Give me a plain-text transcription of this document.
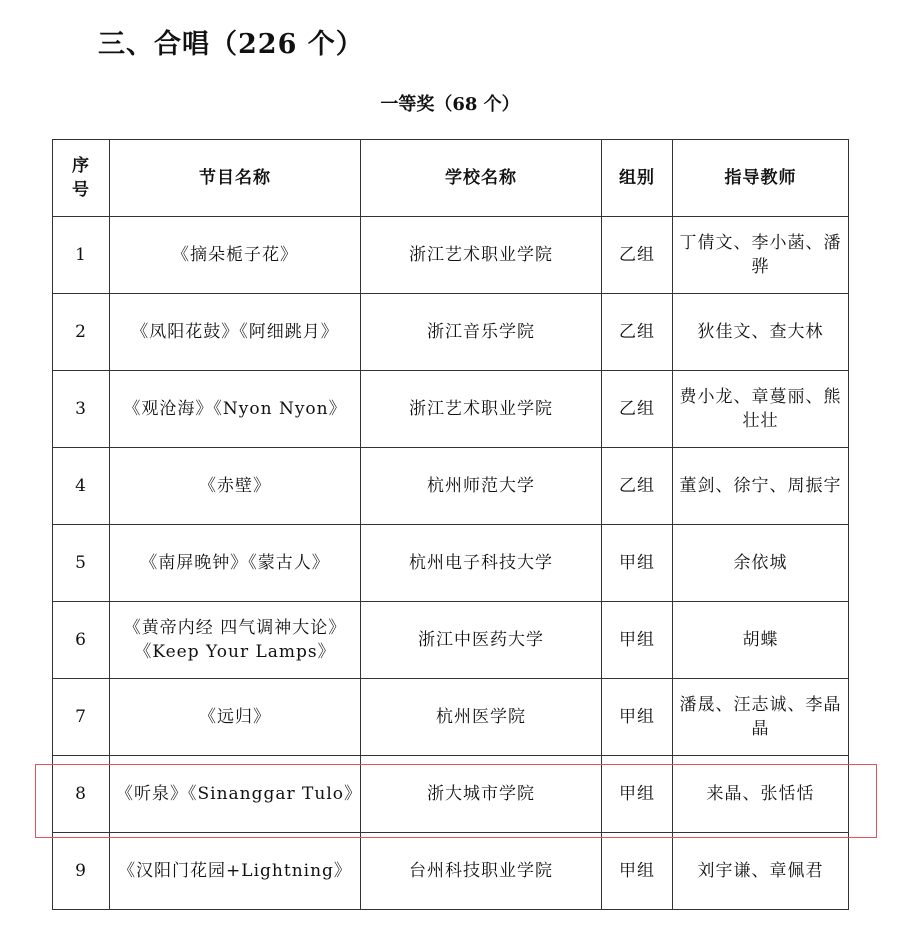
三、合唱（226 个）
一等奖（68 个）
序号	节目名称	学校名称	组别	指导教师
1	《摘朵栀子花》	浙江艺术职业学院	乙组	丁倩文、李小菡、潘骅
2	《凤阳花鼓》《阿细跳月》	浙江音乐学院	乙组	狄佳文、查大林
3	《观沧海》《Nyon Nyon》	浙江艺术职业学院	乙组	费小龙、章蔓丽、熊壮壮
4	《赤壁》	杭州师范大学	乙组	董剑、徐宁、周振宇
5	《南屏晚钟》《蒙古人》	杭州电子科技大学	甲组	余依城
6	《黄帝内经 四气调神大论》《Keep Your Lamps》	浙江中医药大学	甲组	胡蝶
7	《远归》	杭州医学院	甲组	潘晟、汪志诚、李晶晶
8	《听泉》《Sinanggar Tulo》	浙大城市学院	甲组	来晶、张恬恬
9	《汉阳门花园+Lightning》	台州科技职业学院	甲组	刘宇谦、章佩君
